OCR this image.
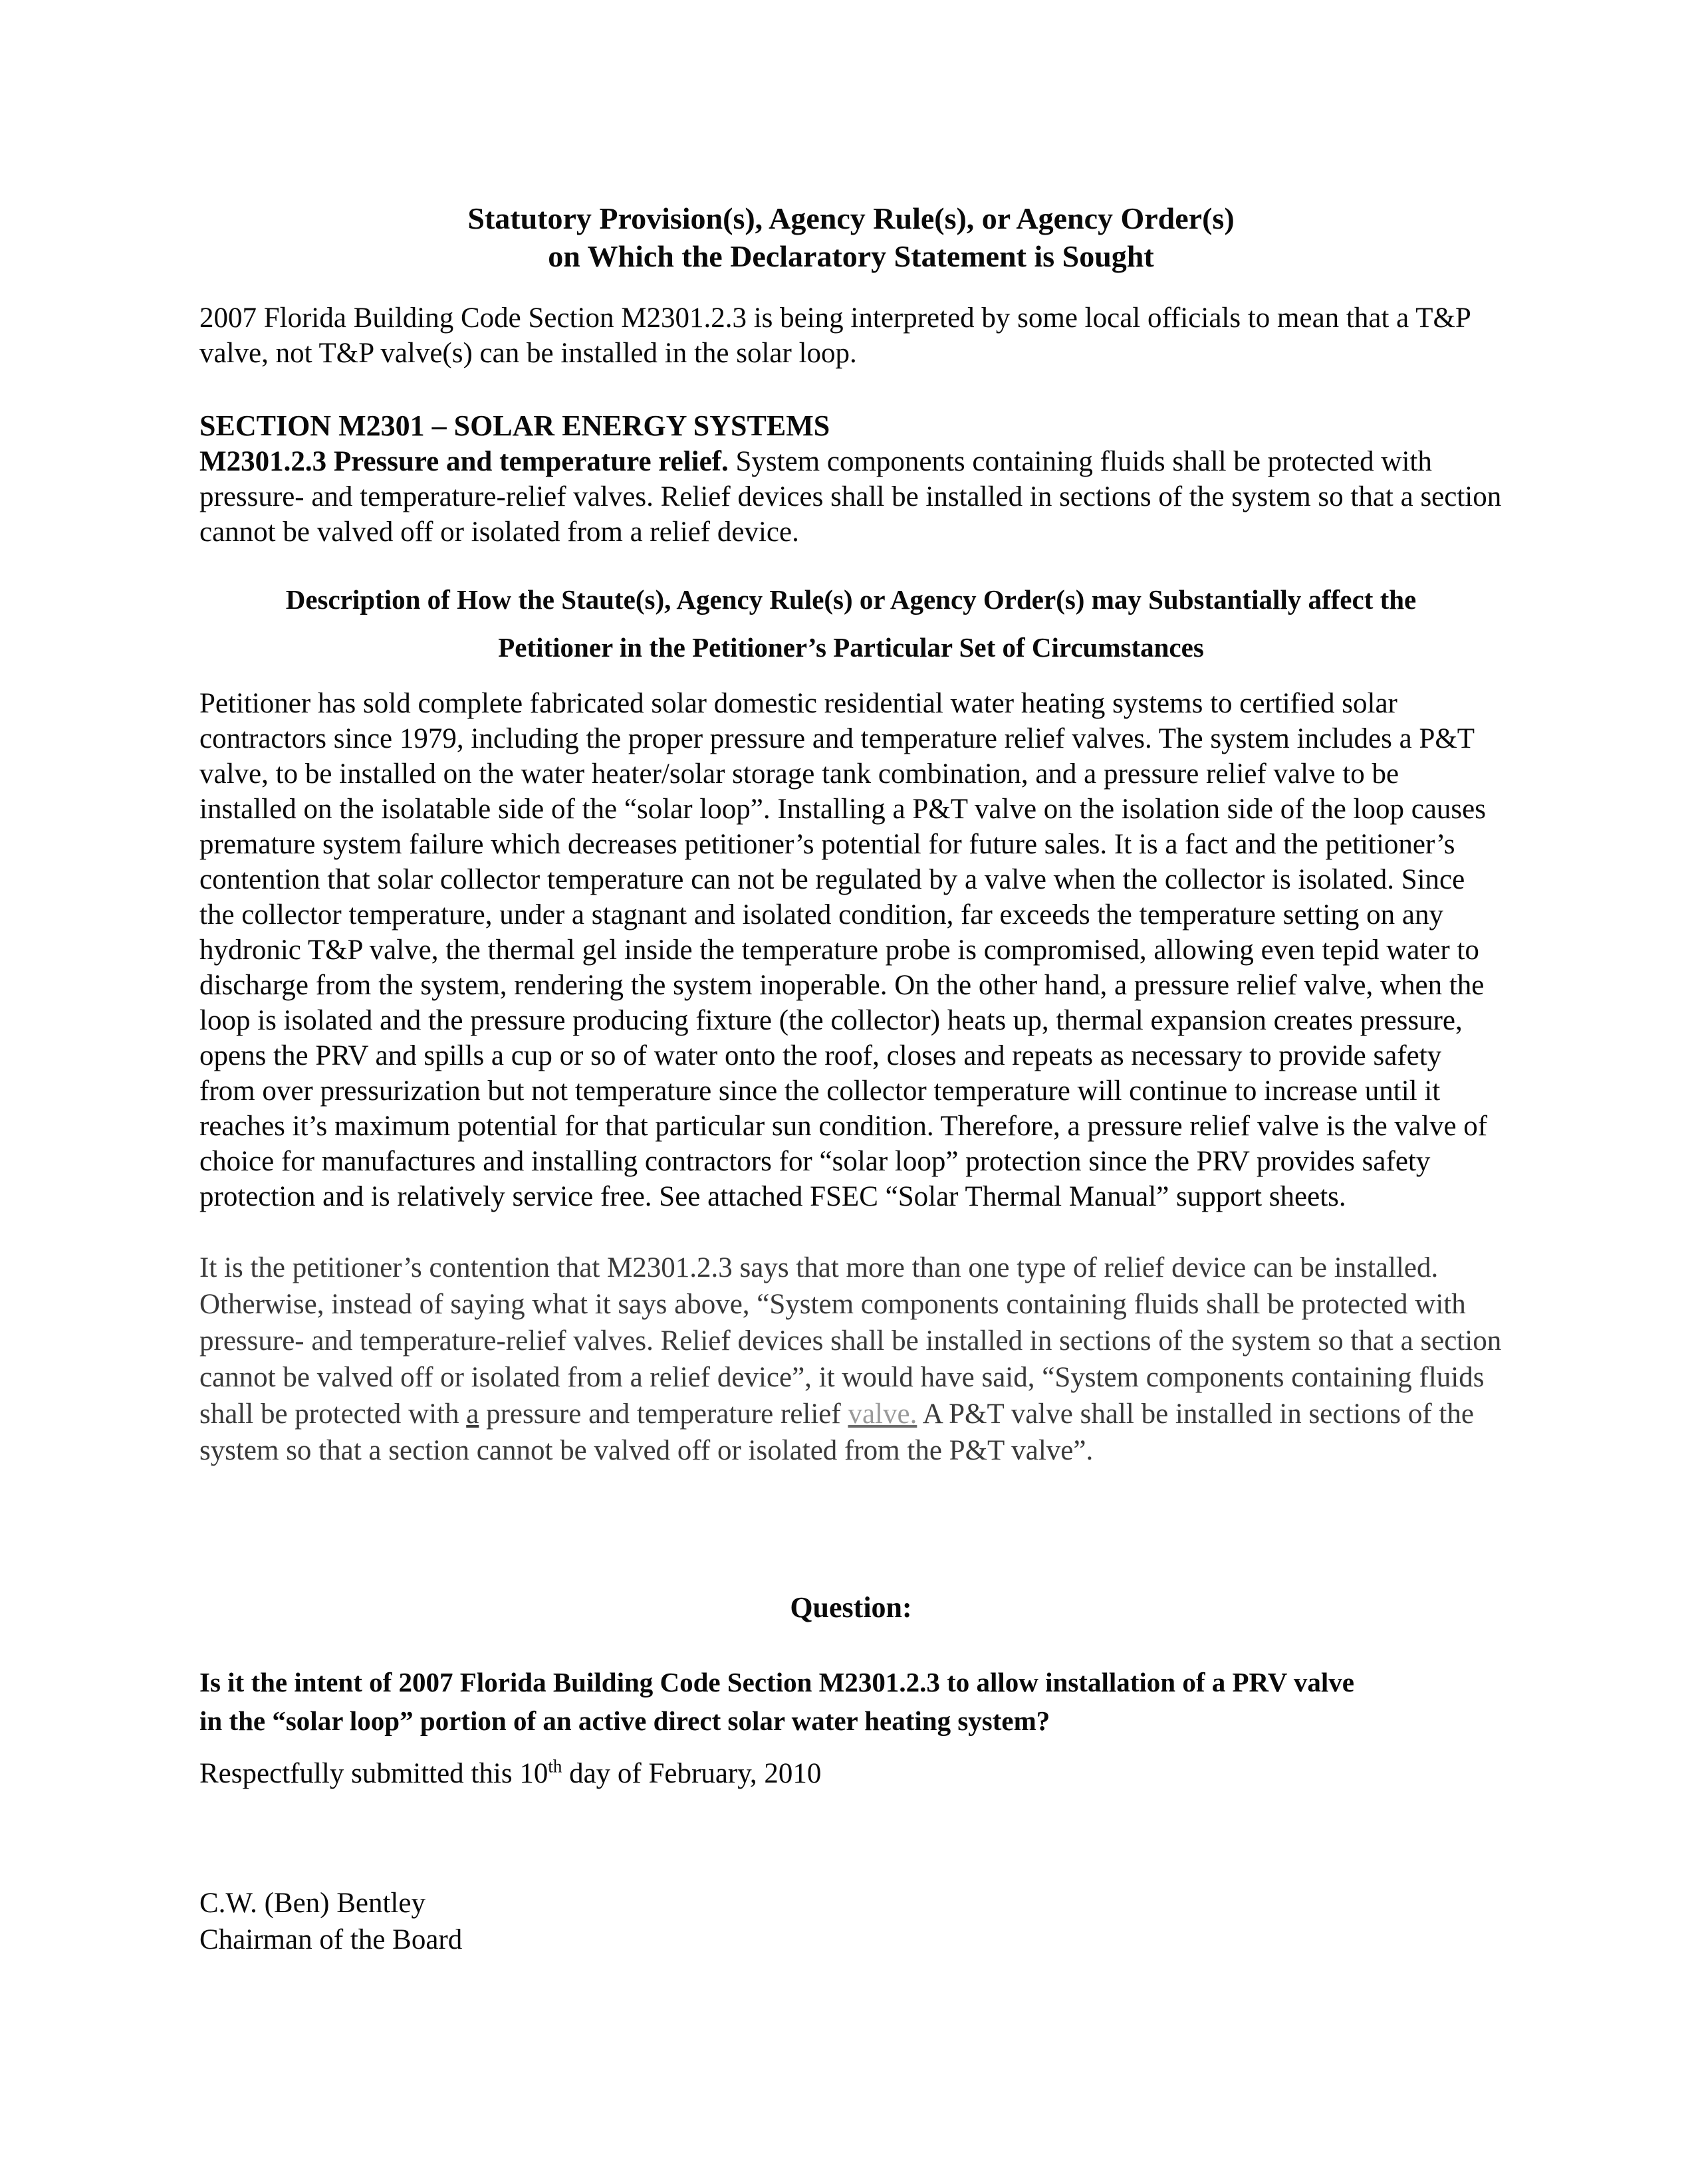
Statutory Provision(s), Agency Rule(s), or Agency Order(s)
on Which the Declaratory Statement is Sought

2007 Florida Building Code Section M2301.2.3 is being interpreted by some local officials to mean that a T&P valve, not T&P valve(s) can be installed in the solar loop.

SECTION M2301 – SOLAR ENERGY SYSTEMS

M2301.2.3 Pressure and temperature relief. System components containing fluids shall be protected with pressure- and temperature-relief valves. Relief devices shall be installed in sections of the system so that a section cannot be valved off or isolated from a relief device.

Description of How the Staute(s), Agency Rule(s) or Agency Order(s) may Substantially affect the
Petitioner in the Petitioner’s Particular Set of Circumstances

Petitioner has sold complete fabricated solar domestic residential water heating systems to certified solar contractors since 1979, including the proper pressure and temperature relief valves. The system includes a P&T valve, to be installed on the water heater/solar storage tank combination, and a pressure relief valve to be installed on the isolatable side of the “solar loop”. Installing a P&T valve on the isolation side of the loop causes premature system failure which decreases petitioner’s potential for future sales. It is a fact and the petitioner’s contention that solar collector temperature can not be regulated by a valve when the collector is isolated. Since the collector temperature, under a stagnant and isolated condition, far exceeds the temperature setting on any hydronic T&P valve, the thermal gel inside the temperature probe is compromised, allowing even tepid water to discharge from the system, rendering the system inoperable. On the other hand, a pressure relief valve, when the loop is isolated and the pressure producing fixture (the collector) heats up, thermal expansion creates pressure, opens the PRV and spills a cup or so of water onto the roof, closes and repeats as necessary to provide safety from over pressurization but not temperature since the collector temperature will continue to increase until it reaches it’s maximum potential for that particular sun condition. Therefore, a pressure relief valve is the valve of choice for manufactures and installing contractors for “solar loop” protection since the PRV provides safety protection and is relatively service free. See attached FSEC “Solar Thermal Manual” support sheets.

It is the petitioner’s contention that M2301.2.3 says that more than one type of relief device can be installed. Otherwise, instead of saying what it says above, “System components containing fluids shall be protected with pressure- and temperature-relief valves. Relief devices shall be installed in sections of the system so that a section cannot be valved off or isolated from a relief device”, it would have said, “System components containing fluids shall be protected with a pressure and temperature relief valve. A P&T valve shall be installed in sections of the system so that a section cannot be valved off or isolated from the P&T valve”.

Question:
Is it the intent of 2007 Florida Building Code Section M2301.2.3 to allow installation of a PRV valve
in the “solar loop” portion of an active direct solar water heating system?

Respectfully submitted this 10th day of February, 2010

C.W. (Ben) Bentley
Chairman of the Board
